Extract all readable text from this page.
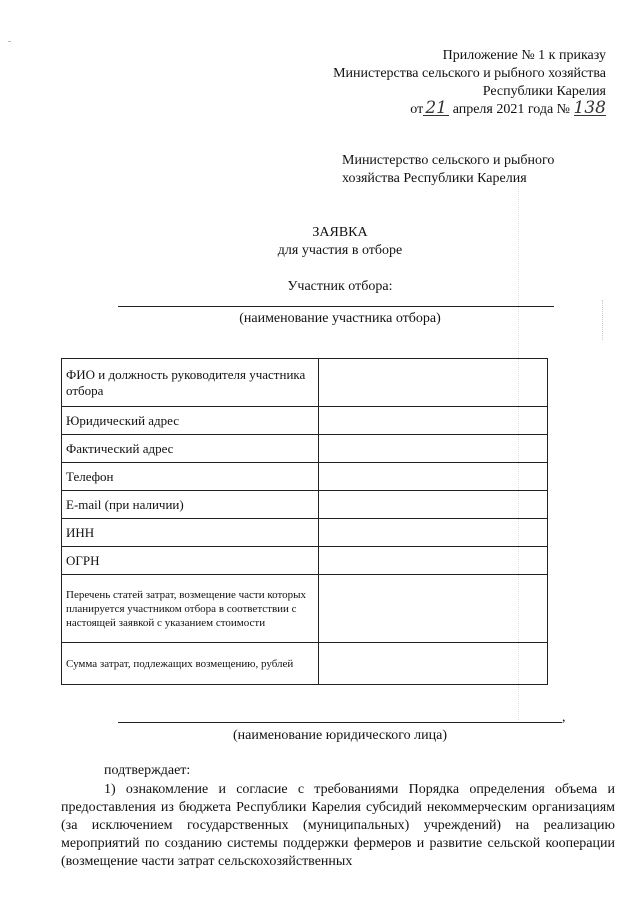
-
Приложение № 1 к приказу
Министерства сельского и рыбного хозяйства
Республики Карелия
от 21 апреля 2021 года № 138
Министерство сельского и рыбного
хозяйства Республики Карелия
ЗАЯВКА
для участия в отборе
Участник отбора:
(наименование участника отбора)
ФИО и должность руководителя участника отбора	
Юридический адрес	
Фактический адрес	
Телефон	
E-mail (при наличии)	
ИНН	
ОГРН	
Перечень статей затрат, возмещение части которых планируется участником отбора в соответствии с настоящей заявкой с указанием стоимости	
Сумма затрат, подлежащих возмещению, рублей	
,
(наименование юридического лица)
подтверждает:
1) ознакомление и согласие с требованиями Порядка определения объема и предоставления из бюджета Республики Карелия субсидий некоммерческим организациям (за исключением государственных (муниципальных) учреждений) на реализацию мероприятий по созданию системы поддержки фермеров и развитие сельской кооперации (возмещение части затрат сельскохозяйственных
